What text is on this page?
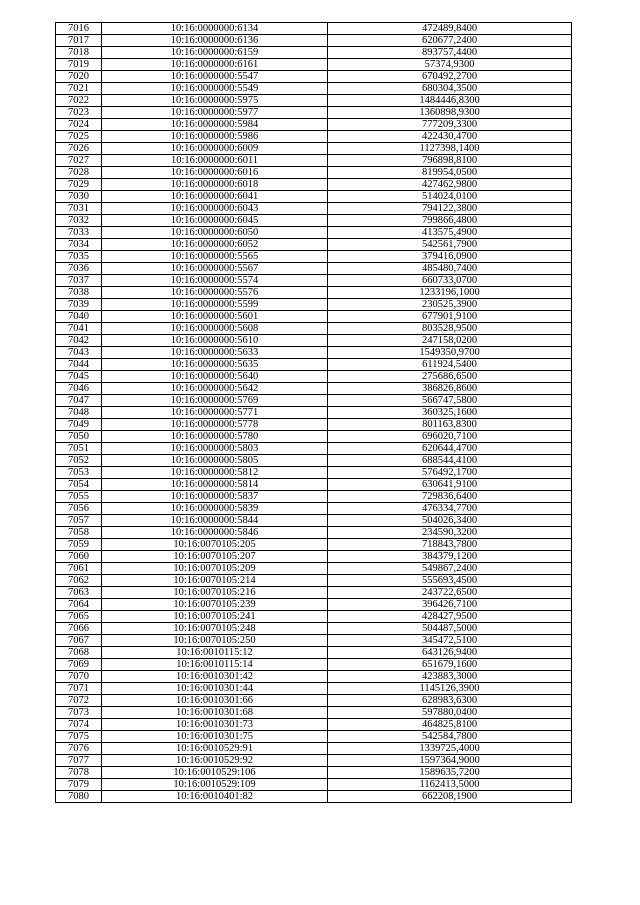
7016	10:16:0000000:6134	472489,8400
7017	10:16:0000000:6136	620677,2400
7018	10:16:0000000:6159	893757,4400
7019	10:16:0000000:6161	57374,9300
7020	10:16:0000000:5547	670492,2700
7021	10:16:0000000:5549	680304,3500
7022	10:16:0000000:5975	1484446,8300
7023	10:16:0000000:5977	1360898,9300
7024	10:16:0000000:5984	777209,3300
7025	10:16:0000000:5986	422430,4700
7026	10:16:0000000:6009	1127398,1400
7027	10:16:0000000:6011	796898,8100
7028	10:16:0000000:6016	819954,0500
7029	10:16:0000000:6018	427462,9800
7030	10:16:0000000:6041	514024,0100
7031	10:16:0000000:6043	794122,3800
7032	10:16:0000000:6045	799866,4800
7033	10:16:0000000:6050	413575,4900
7034	10:16:0000000:6052	542561,7900
7035	10:16:0000000:5565	379416,0900
7036	10:16:0000000:5567	485480,7400
7037	10:16:0000000:5574	660733,0700
7038	10:16:0000000:5576	1233196,1000
7039	10:16:0000000:5599	230525,3900
7040	10:16:0000000:5601	677901,9100
7041	10:16:0000000:5608	803528,9500
7042	10:16:0000000:5610	247158,0200
7043	10:16:0000000:5633	1549350,9700
7044	10:16:0000000:5635	611924,5400
7045	10:16:0000000:5640	275686,6500
7046	10:16:0000000:5642	386826,8600
7047	10:16:0000000:5769	566747,5800
7048	10:16:0000000:5771	360325,1600
7049	10:16:0000000:5778	801163,8300
7050	10:16:0000000:5780	696020,7100
7051	10:16:0000000:5803	620644,4700
7052	10:16:0000000:5805	688544,4100
7053	10:16:0000000:5812	576492,1700
7054	10:16:0000000:5814	630641,9100
7055	10:16:0000000:5837	729836,6400
7056	10:16:0000000:5839	476334,7700
7057	10:16:0000000:5844	504026,3400
7058	10:16:0000000:5846	234590,3200
7059	10:16:0070105:205	718843,7800
7060	10:16:0070105:207	384379,1200
7061	10:16:0070105:209	549867,2400
7062	10:16:0070105:214	555693,4500
7063	10:16:0070105:216	243722,6500
7064	10:16:0070105:239	396426,7100
7065	10:16:0070105:241	428427,9500
7066	10:16:0070105:248	504487,5000
7067	10:16:0070105:250	345472,5100
7068	10:16:0010115:12	643126,9400
7069	10:16:0010115:14	651679,1600
7070	10:16:0010301:42	423883,3000
7071	10:16:0010301:44	1145126,3900
7072	10:16:0010301:66	628983,6300
7073	10:16:0010301:68	597880,0400
7074	10:16:0010301:73	464825,8100
7075	10:16:0010301:75	542584,7800
7076	10:16:0010529:91	1339725,4000
7077	10:16:0010529:92	1597364,9000
7078	10:16:0010529:106	1589635,7200
7079	10:16:0010529:109	1162413,5000
7080	10:16:0010401:82	662208,1900
